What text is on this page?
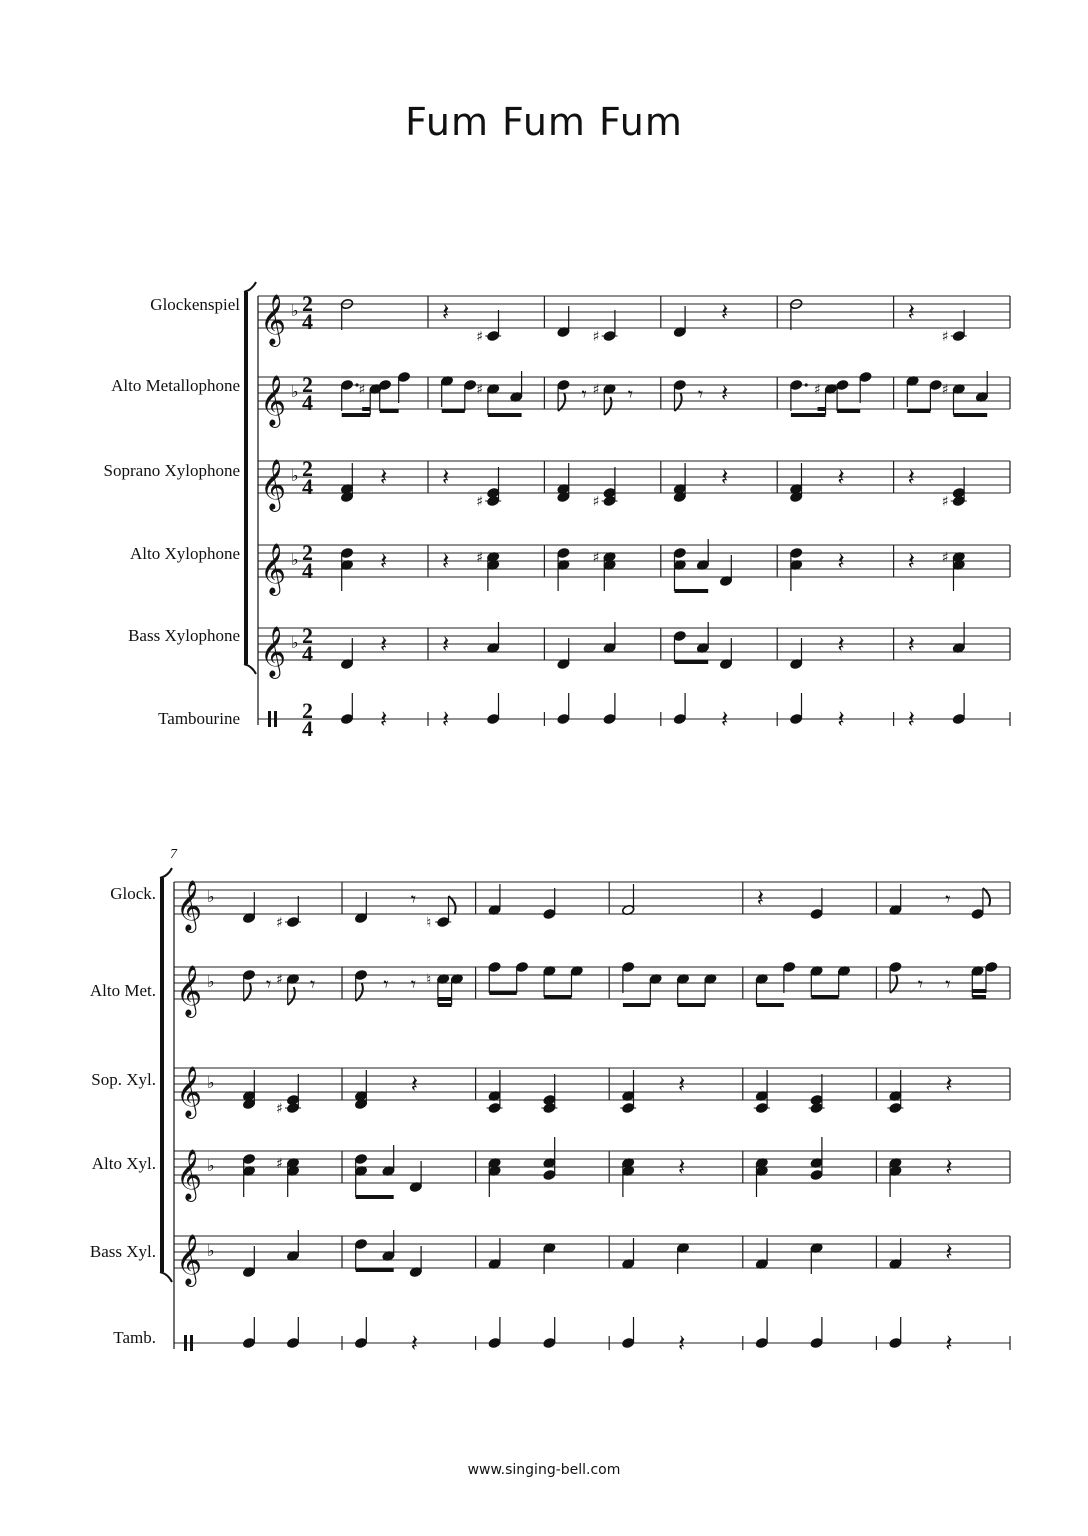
Fum Fum Fum
Glockenspiel
Alto Metallophone
Soprano Xylophone
Alto Xylophone
Bass Xylophone
Tambourine
𝄞 ♭ 2
4
𝄞 ♭ 2
4
𝄞 ♭ 2
4
𝄞 ♭ 2
4
𝄞 ♭ 2
4
2
4
♯
𝄽
𝄽
𝄽
𝄽
𝄽
♯
♯
𝄽
♯
𝄽 ♯
𝄽
𝄽
♯
𝄾 ♯ 𝄾
♯
♯
𝄽
𝄾 𝄽
𝄽
𝄽
♯
𝄽
𝄽
𝄽
𝄽
𝄽
♯
♯
𝄽
♯
𝄽 ♯
𝄽
𝄽
Glock.
Alto Met.
Sop. Xyl.
Alto Xyl.
Bass Xyl.
Tamb.
7
𝄞 ♭
𝄞 ♭
𝄞 ♭
𝄞 ♭
𝄞 ♭
♯
𝄾 ♯ 𝄾
♯
♯
𝄾
♮
𝄾 𝄾 ♮
𝄽
𝄽
𝄽
𝄽
𝄽
𝄽	𝄾
𝄾 𝄾
𝄽
𝄽
𝄽
𝄽
www.singing-bell.com
